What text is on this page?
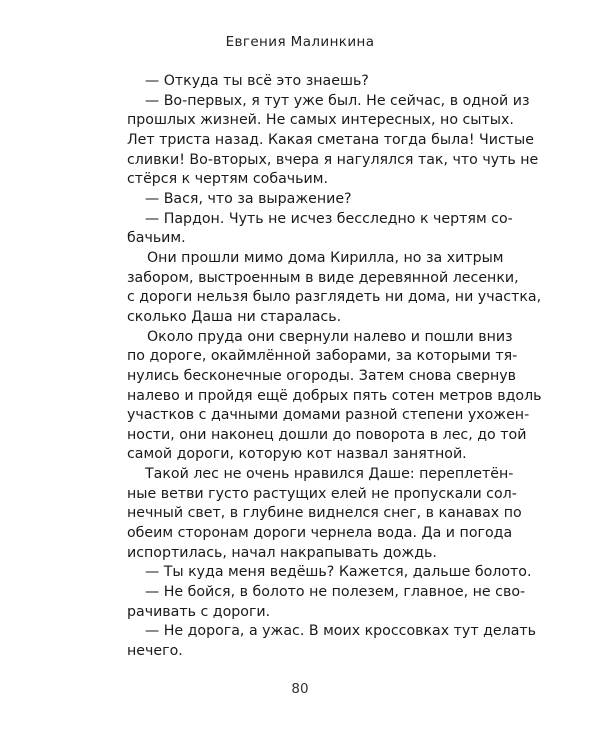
Евгения Малинкина
— Откуда ты всё это знаешь?
— Во-первых, я тут уже был. Не сейчас, в одной из
прошлых жизней. Не самых интересных, но сытых.
Лет триста назад. Какая сметана тогда была! Чистые
сливки! Во-вторых, вчера я нагулялся так, что чуть не
стёрся к чертям собачьим.
— Вася, что за выражение?
— Пардон. Чуть не исчез бесследно к чертям со-
бачьим.
Они прошли мимо дома Кирилла, но за хитрым
забором, выстроенным в виде деревянной лесенки,
с дороги нельзя было разглядеть ни дома, ни участка,
сколько Даша ни старалась.
Около пруда они свернули налево и пошли вниз
по дороге, окаймлённой заборами, за которыми тя-
нулись бесконечные огороды. Затем снова свернув
налево и пройдя ещё добрых пять сотен метров вдоль
участков с дачными домами разной степени ухожен-
ности, они наконец дошли до поворота в лес, до той
самой дороги, которую кот назвал занятной.
Такой лес не очень нравился Даше: переплетён-
ные ветви густо растущих елей не пропускали сол-
нечный свет, в глубине виднелся снег, в канавах по
обеим сторонам дороги чернела вода. Да и погода
испортилась, начал накрапывать дождь.
— Ты куда меня ведёшь? Кажется, дальше болото.
— Не бойся, в болото не полезем, главное, не сво-
рачивать с дороги.
— Не дорога, а ужас. В моих кроссовках тут делать
нечего.
80
